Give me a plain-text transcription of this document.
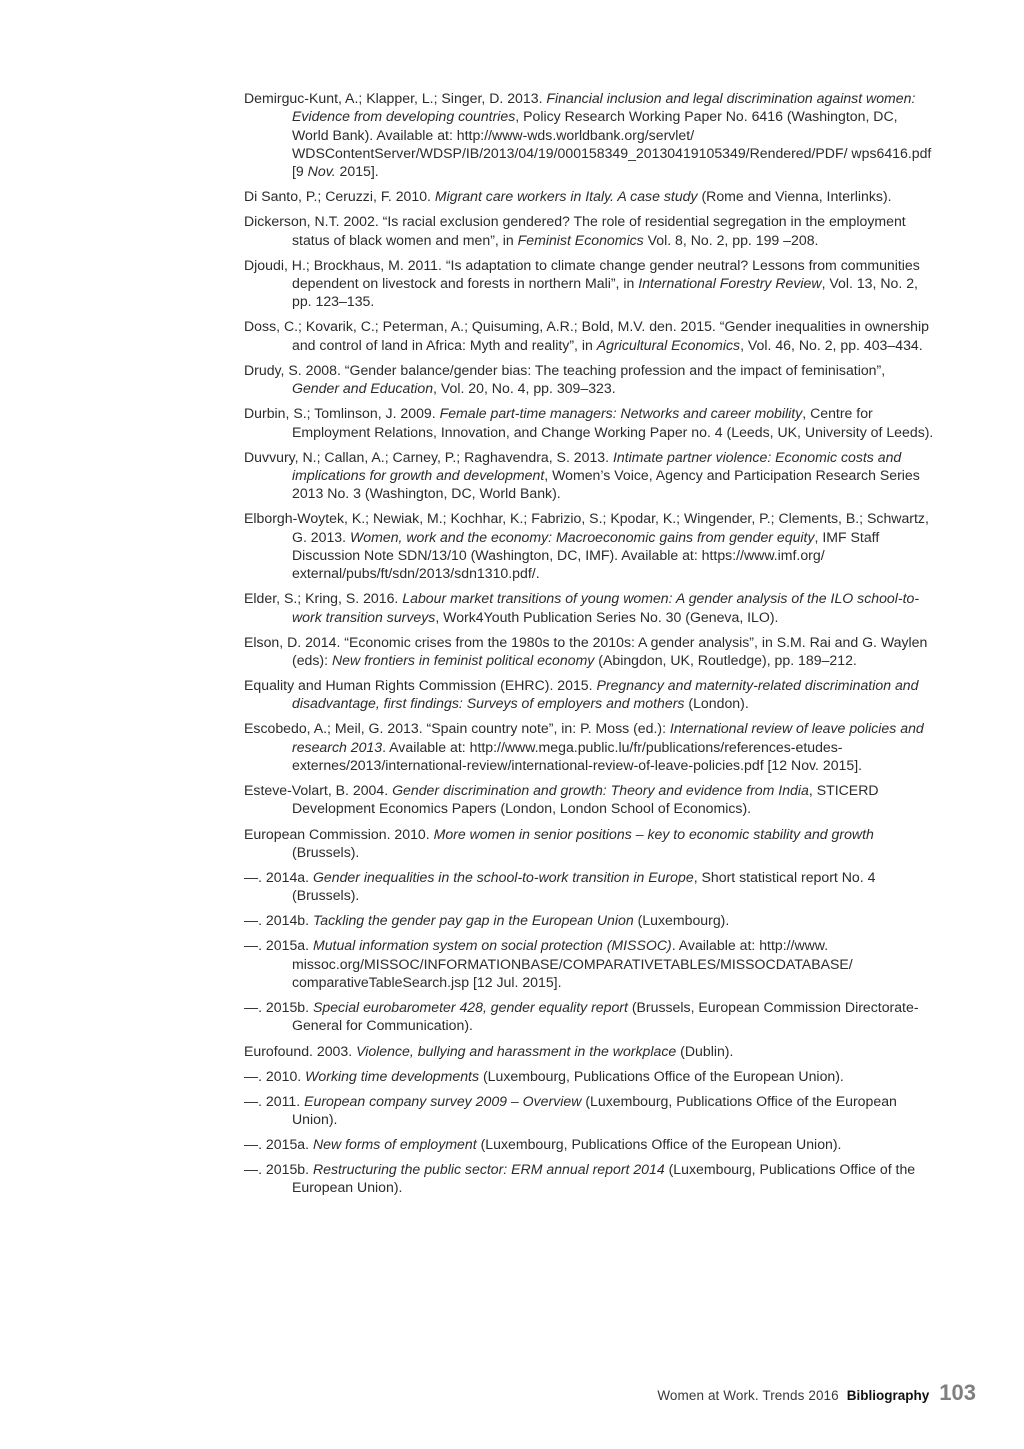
Demirguc-Kunt, A.; Klapper, L.; Singer, D. 2013. Financial inclusion and legal discrimination against women: Evidence from developing countries, Policy Research Working Paper No. 6416 (Washington, DC, World Bank). Available at: http://www-wds.worldbank.org/servlet/ WDSContentServer/WDSP/IB/2013/04/19/000158349_20130419105349/Rendered/PDF/ wps6416.pdf [9 Nov. 2015].

Di Santo, P.; Ceruzzi, F. 2010. Migrant care workers in Italy. A case study (Rome and Vienna, Interlinks).

Dickerson, N.T. 2002. “Is racial exclusion gendered? The role of residential segregation in the employment status of black women and men”, in Feminist Economics Vol. 8, No. 2, pp. 199 –208.

Djoudi, H.; Brockhaus, M. 2011. “Is adaptation to climate change gender neutral? Lessons from communities dependent on livestock and forests in northern Mali”, in International Forestry Review, Vol. 13, No. 2, pp. 123–135.

Doss, C.; Kovarik, C.; Peterman, A.; Quisuming, A.R.; Bold, M.V. den. 2015. “Gender inequalities in ownership and control of land in Africa: Myth and reality”, in Agricultural Economics, Vol. 46, No. 2, pp. 403–434.

Drudy, S. 2008. “Gender balance/gender bias: The teaching profession and the impact of feminisation”, Gender and Education, Vol. 20, No. 4, pp. 309–323.

Durbin, S.; Tomlinson, J. 2009. Female part-time managers: Networks and career mobility, Centre for Employment Relations, Innovation, and Change Working Paper no. 4 (Leeds, UK, University of Leeds).

Duvvury, N.; Callan, A.; Carney, P.; Raghavendra, S. 2013. Intimate partner violence: Economic costs and implications for growth and development, Women’s Voice, Agency and Participation Research Series 2013 No. 3 (Washington, DC, World Bank).

Elborgh-Woytek, K.; Newiak, M.; Kochhar, K.; Fabrizio, S.; Kpodar, K.; Wingender, P.; Clements, B.; Schwartz, G. 2013. Women, work and the economy: Macroeconomic gains from gender equity, IMF Staff Discussion Note SDN/13/10 (Washington, DC, IMF). Available at: https://www.imf.org/ external/pubs/ft/sdn/2013/sdn1310.pdf/.

Elder, S.; Kring, S. 2016. Labour market transitions of young women: A gender analysis of the ILO school-to-work transition surveys, Work4Youth Publication Series No. 30 (Geneva, ILO).

Elson, D. 2014. “Economic crises from the 1980s to the 2010s: A gender analysis”, in S.M. Rai and G. Waylen (eds): New frontiers in feminist political economy (Abingdon, UK, Routledge), pp. 189–212.

Equality and Human Rights Commission (EHRC). 2015. Pregnancy and maternity-related discrimination and disadvantage, first findings: Surveys of employers and mothers (London).

Escobedo, A.; Meil, G. 2013. “Spain country note”, in: P. Moss (ed.): International review of leave policies and research 2013. Available at: http://www.mega.public.lu/fr/publications/references-etudes-externes/2013/international-review/international-review-of-leave-policies.pdf [12 Nov. 2015].

Esteve-Volart, B. 2004. Gender discrimination and growth: Theory and evidence from India, STICERD Development Economics Papers (London, London School of Economics).

European Commission. 2010. More women in senior positions – key to economic stability and growth (Brussels).

—. 2014a. Gender inequalities in the school-to-work transition in Europe, Short statistical report No. 4 (Brussels).

—. 2014b. Tackling the gender pay gap in the European Union (Luxembourg).

—. 2015a. Mutual information system on social protection (MISSOC). Available at: http://www. missoc.org/MISSOC/INFORMATIONBASE/COMPARATIVETABLES/MISSOCDATABASE/ comparativeTableSearch.jsp [12 Jul. 2015].

—. 2015b. Special eurobarometer 428, gender equality report (Brussels, European Commission Directorate-General for Communication).

Eurofound. 2003. Violence, bullying and harassment in the workplace (Dublin).

—. 2010. Working time developments (Luxembourg, Publications Office of the European Union).

—. 2011. European company survey 2009 – Overview (Luxembourg, Publications Office of the European Union).

—. 2015a. New forms of employment (Luxembourg, Publications Office of the European Union).

—. 2015b. Restructuring the public sector: ERM annual report 2014 (Luxembourg, Publications Office of the European Union).

Women at Work. Trends 2016 Bibliography 103
